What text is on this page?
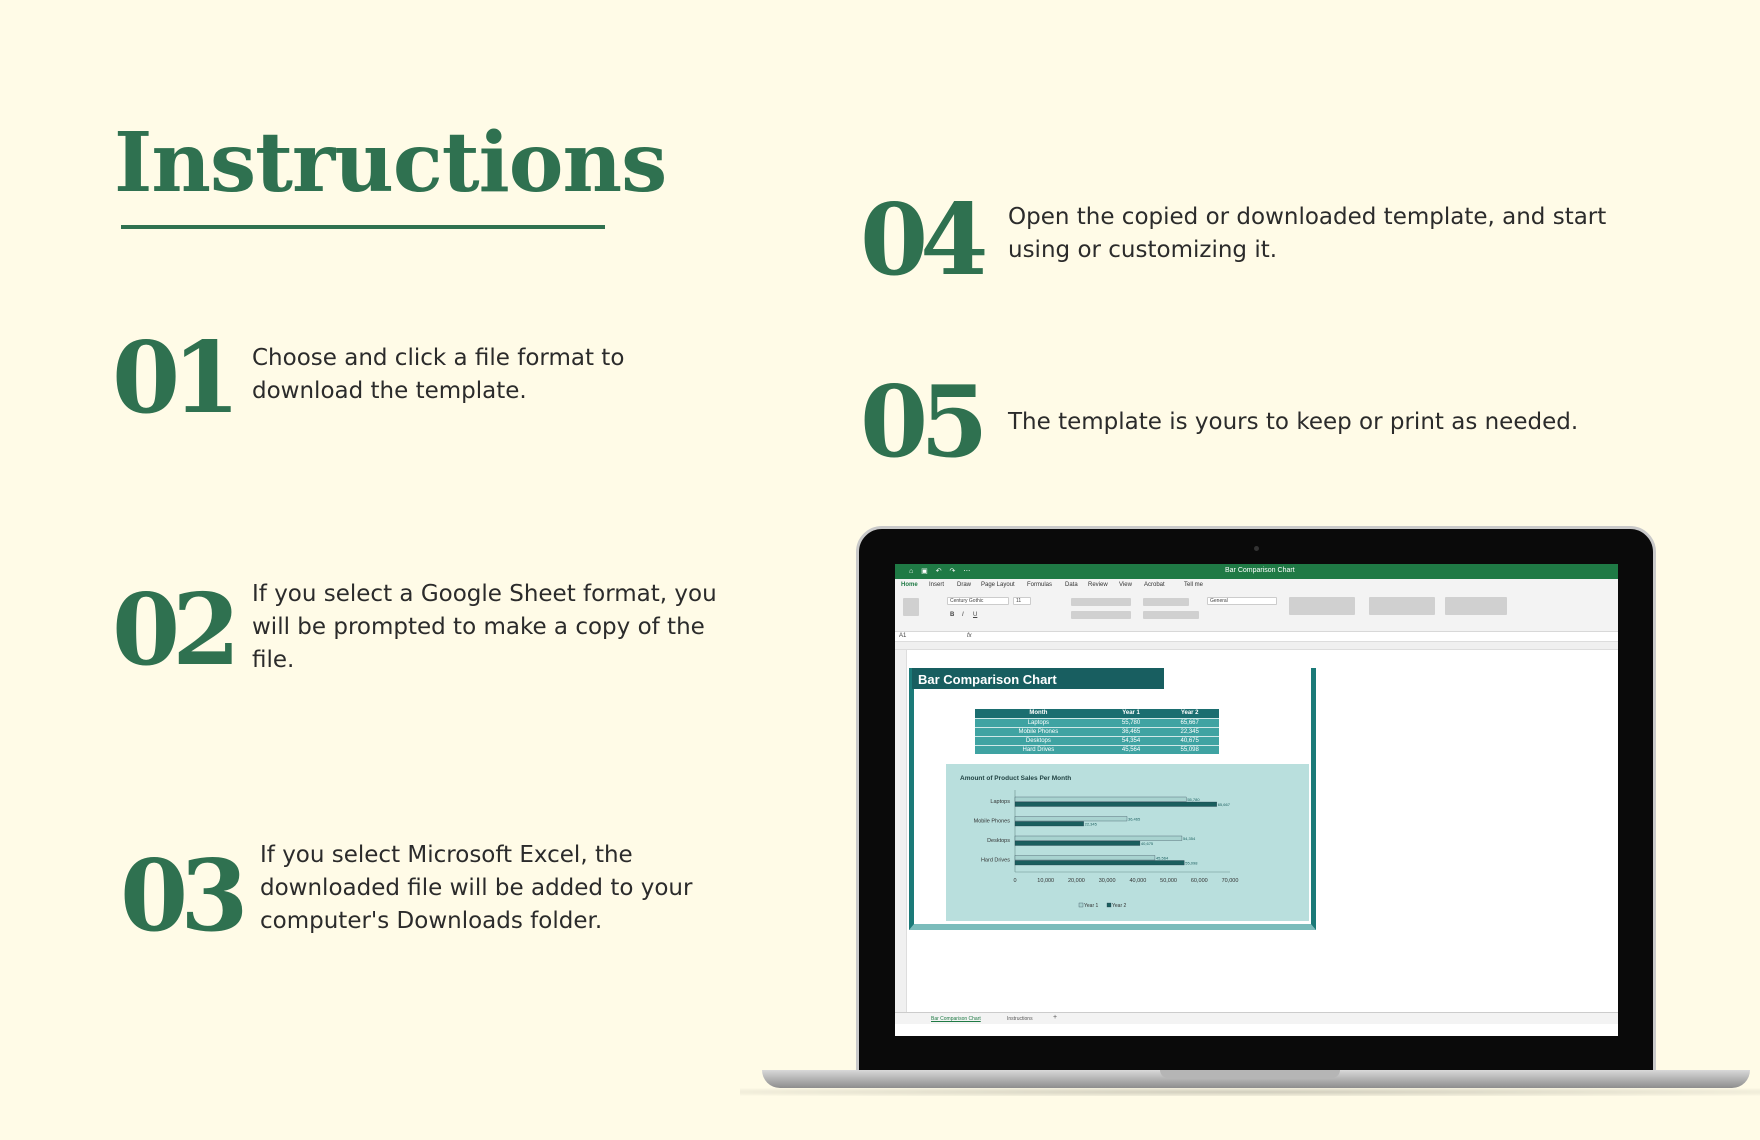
Instructions
01 Choose and click a file format to download the template.
02 If you select a Google Sheet format, you will be prompted to make a copy of the file.
03 If you select Microsoft Excel, the downloaded file will be added to your computer's Downloads folder.
04 Open the copied or downloaded template, and start using or customizing it.
05 The template is yours to keep or print as needed.
⌂ ▣ ↶ ↷ ⋯	Bar Comparison Chart
Home Insert Draw Page Layout Formulas Data Review View Acrobat	Tell me
Century Gothic	11
B I U
General
A1	fx
Bar Comparison Chart
Month	Year 1	Year 2
Laptops	55,780	65,667
Mobile Phones	36,465	22,345
Desktops	54,354	40,675
Hard Drives	45,564	55,098
Amount of Product Sales Per Month
Laptops	55,780
65,667
Mobile Phones	36,465
22,345
Desktops	54,354
40,675
Hard Drives	45,564
55,098
0	10,000	20,000	30,000	40,000	50,000	60,000	70,000
Year 1	Year 2
Bar Comparison Chart	Instructions	+
